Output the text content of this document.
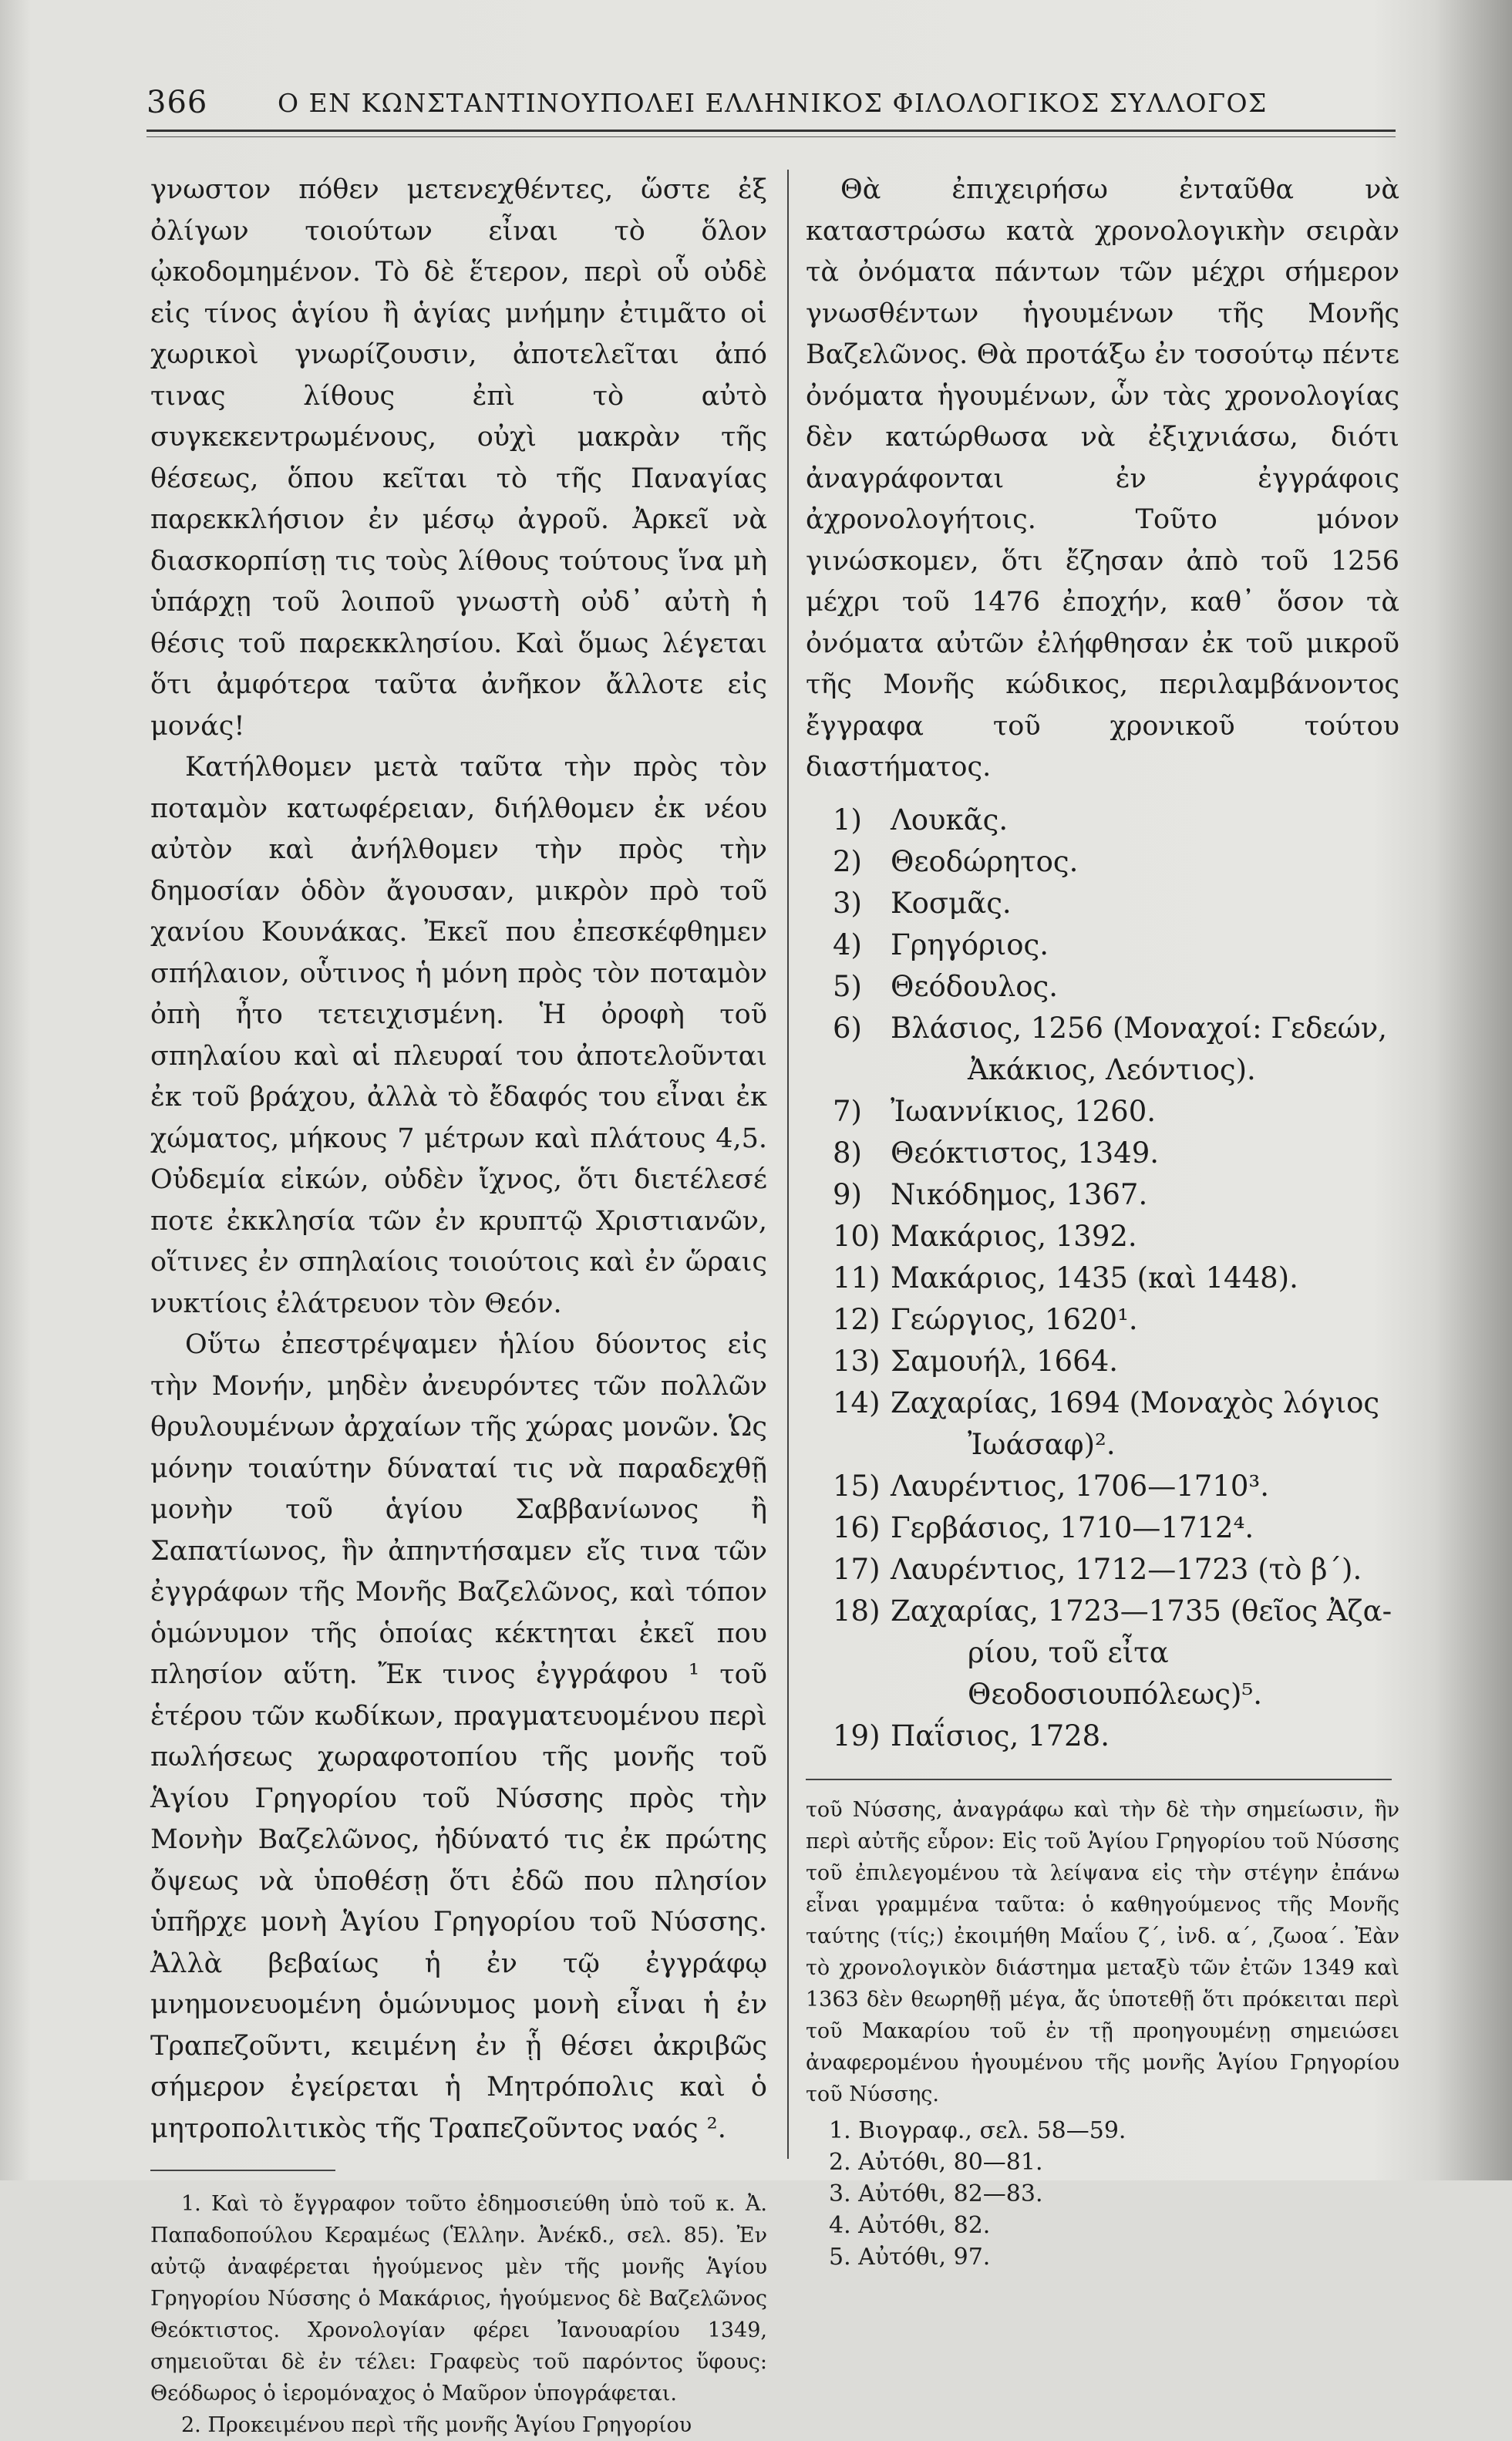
366	Ο ΕΝ ΚΩΝΣΤΑΝΤΙΝΟΥΠΟΛΕΙ ΕΛΛΗΝΙΚΟΣ ΦΙΛΟΛΟΓΙΚΟΣ ΣΥΛΛΟΓΟΣ

γνωστον πόθεν μετενεχθέντες, ὥστε ἐξ ὀλίγων τοιούτων εἶναι τὸ ὅλον ᾠκοδομημένον. Τὸ δὲ ἕτερον, περὶ οὗ οὐδὲ εἰς τίνος ἁγίου ἢ ἁγίας μνήμην ἐτιμᾶτο οἱ χωρικοὶ γνωρίζουσιν, ἀποτελεῖται ἀπό τινας λίθους ἐπὶ τὸ αὐτὸ συγκεκεντρωμένους, οὐχὶ μακρὰν τῆς θέσεως, ὅπου κεῖται τὸ τῆς Παναγίας παρεκκλήσιον ἐν μέσῳ ἀγροῦ. Ἀρκεῖ νὰ διασκορπίσῃ τις τοὺς λίθους τούτους ἵνα μὴ ὑπάρχῃ τοῦ λοιποῦ γνωστὴ οὐδ᾽ αὐτὴ ἡ θέσις τοῦ παρεκκλησίου. Καὶ ὅμως λέγεται ὅτι ἀμφότερα ταῦτα ἀνῆκον ἄλλοτε εἰς μονάς!

Κατήλθομεν μετὰ ταῦτα τὴν πρὸς τὸν ποταμὸν κατωφέρειαν, διήλθομεν ἐκ νέου αὐτὸν καὶ ἀνήλθομεν τὴν πρὸς τὴν δημοσίαν ὁδὸν ἄγουσαν, μικρὸν πρὸ τοῦ χανίου Κουνάκας. Ἐκεῖ που ἐπεσκέφθημεν σπήλαιον, οὗτινος ἡ μόνη πρὸς τὸν ποταμὸν ὀπὴ ἦτο τετειχισμένη. Ἡ ὀροφὴ τοῦ σπηλαίου καὶ αἱ πλευραί του ἀποτελοῦνται ἐκ τοῦ βράχου, ἀλλὰ τὸ ἔδαφός του εἶναι ἐκ χώματος, μήκους 7 μέτρων καὶ πλάτους 4,5. Οὐδεμία εἰκών, οὐδὲν ἴχνος, ὅτι διετέλεσέ ποτε ἐκκλησία τῶν ἐν κρυπτῷ Χριστιανῶν, οἵτινες ἐν σπηλαίοις τοιούτοις καὶ ἐν ὥραις νυκτίοις ἐλάτρευον τὸν Θεόν.

Οὕτω ἐπεστρέψαμεν ἡλίου δύοντος εἰς τὴν Μονήν, μηδὲν ἀνευρόντες τῶν πολλῶν θρυλουμένων ἀρχαίων τῆς χώρας μονῶν. Ὡς μόνην τοιαύτην δύναταί τις νὰ παραδεχθῇ μονὴν τοῦ ἁγίου Σαββανίωνος ἢ Σαπατίωνος, ἣν ἀπηντήσαμεν εἴς τινα τῶν ἐγγράφων τῆς Μονῆς Βαζελῶνος, καὶ τόπον ὁμώνυμον τῆς ὁποίας κέκτηται ἐκεῖ που πλησίον αὕτη. Ἔκ τινος ἐγγράφου ¹ τοῦ ἑτέρου τῶν κωδίκων, πραγματευομένου περὶ πωλήσεως χωραφοτοπίου τῆς μονῆς τοῦ Ἁγίου Γρηγορίου τοῦ Νύσσης πρὸς τὴν Μονὴν Βαζελῶνος, ἠδύνατό τις ἐκ πρώτης ὄψεως νὰ ὑποθέσῃ ὅτι ἐδῶ που πλησίον ὑπῆρχε μονὴ Ἁγίου Γρηγορίου τοῦ Νύσσης. Ἀλλὰ βεβαίως ἡ ἐν τῷ ἐγγράφῳ μνημονευομένη ὁμώνυμος μονὴ εἶναι ἡ ἐν Τραπεζοῦντι, κειμένη ἐν ᾗ θέσει ἀκριβῶς σήμερον ἐγείρεται ἡ Μητρόπολις καὶ ὁ μητροπολιτικὸς τῆς Τραπεζοῦντος ναός ².

1. Καὶ τὸ ἔγγραφον τοῦτο ἐδημοσιεύθη ὑπὸ τοῦ κ. Ἀ. Παπαδοπούλου Κεραμέως (Ἑλλην. Ἀνέκδ., σελ. 85). Ἐν αὐτῷ ἀναφέρεται ἡγούμενος μὲν τῆς μονῆς Ἁγίου Γρηγορίου Νύσσης ὁ Μακάριος, ἡγούμενος δὲ Βαζελῶνος Θεόκτιστος. Χρονολογίαν φέρει Ἰανουαρίου 1349, σημειοῦται δὲ ἐν τέλει: Γραφεὺς τοῦ παρόντος ὕφους: Θεόδωρος ὁ ἱερομόναχος ὁ Μαῦρον ὑπογράφεται.

2. Προκειμένου περὶ τῆς μονῆς Ἁγίου Γρηγορίου

Θὰ ἐπιχειρήσω ἐνταῦθα νὰ καταστρώσω κατὰ χρονολογικὴν σειρὰν τὰ ὀνόματα πάντων τῶν μέχρι σήμερον γνωσθέντων ἡγουμένων τῆς Μονῆς Βαζελῶνος. Θὰ προτάξω ἐν τοσούτῳ πέντε ὀνόματα ἡγουμένων, ὧν τὰς χρονολογίας δὲν κατώρθωσα νὰ ἐξιχνιάσω, διότι ἀναγράφονται ἐν ἐγγράφοις ἀχρονολογήτοις. Τοῦτο μόνον γινώσκομεν, ὅτι ἔζησαν ἀπὸ τοῦ 1256 μέχρι τοῦ 1476 ἐποχήν, καθ᾽ ὅσον τὰ ὀνόματα αὐτῶν ἐλήφθησαν ἐκ τοῦ μικροῦ τῆς Μονῆς κώδικος, περιλαμβάνοντος ἔγγραφα τοῦ χρονικοῦ τούτου διαστήματος.

1) Λουκᾶς.
2) Θεοδώρητος.
3) Κοσμᾶς.
4) Γρηγόριος.
5) Θεόδουλος.
6) Βλάσιος, 1256 (Μοναχοί: Γεδεών,
Ἀκάκιος, Λεόντιος).
7) Ἰωαννίκιος, 1260.
8) Θεόκτιστος, 1349.
9) Νικόδημος, 1367.
10) Μακάριος, 1392.
11) Μακάριος, 1435 (καὶ 1448).
12) Γεώργιος, 1620¹.
13) Σαμουήλ, 1664.
14) Ζαχαρίας, 1694 (Μοναχὸς λόγιος
Ἰωάσαφ)².
15) Λαυρέντιος, 1706—1710³.
16) Γερβάσιος, 1710—1712⁴.
17) Λαυρέντιος, 1712—1723 (τὸ β΄).
18) Ζαχαρίας, 1723—1735 (θεῖος Ἀζα-
ρίου, τοῦ εἶτα Θεοδοσιουπόλεως)⁵.
19) Παΐσιος, 1728.

τοῦ Νύσσης, ἀναγράφω καὶ τὴν δὲ τὴν σημείωσιν, ἣν περὶ αὐτῆς εὗρον: Εἰς τοῦ Ἁγίου Γρηγορίου τοῦ Νύσσης τοῦ ἐπιλεγομένου τὰ λείψανα εἰς τὴν στέγην ἐπάνω εἶναι γραμμένα ταῦτα: ὁ καθηγούμενος τῆς Μονῆς ταύτης (τίς;) ἐκοιμήθη Μαΐου ζ΄, ἰνδ. α΄, ͵ζωοα΄. Ἐὰν τὸ χρονολογικὸν διάστημα μεταξὺ τῶν ἐτῶν 1349 καὶ 1363 δὲν θεωρηθῇ μέγα, ἄς ὑποτεθῇ ὅτι πρόκειται περὶ τοῦ Μακαρίου τοῦ ἐν τῇ προηγουμένῃ σημειώσει ἀναφερομένου ἡγουμένου τῆς μονῆς Ἁγίου Γρηγορίου τοῦ Νύσσης.

1. Βιογραφ., σελ. 58—59.
2. Αὐτόθι, 80—81.
3. Αὐτόθι, 82—83.
4. Αὐτόθι, 82.
5. Αὐτόθι, 97.
